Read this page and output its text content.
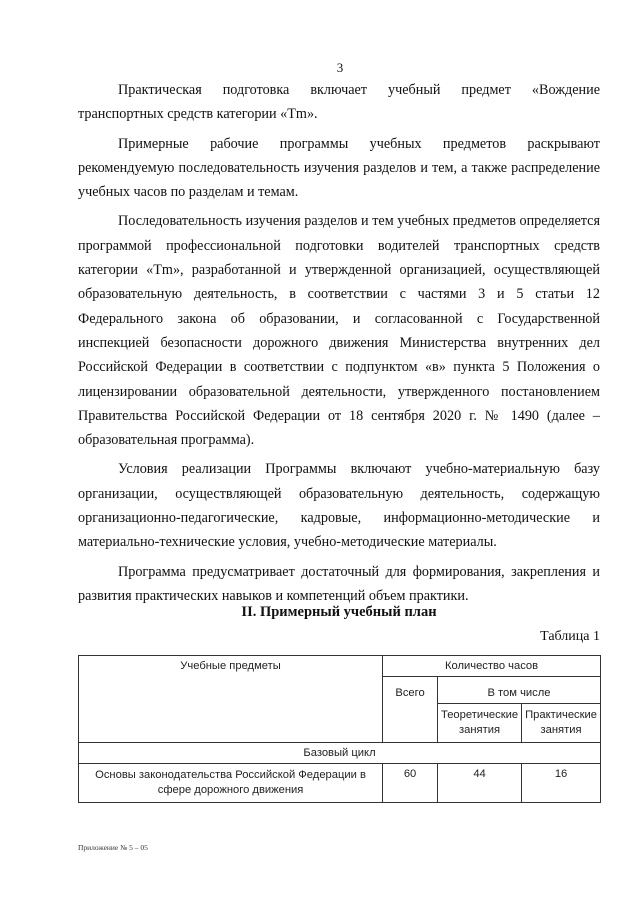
3

Практическая подготовка включает учебный предмет «Вождение транспортных средств категории «Tm».

Примерные рабочие программы учебных предметов раскрывают рекомендуемую последовательность изучения разделов и тем, а также распределение учебных часов по разделам и темам.

Последовательность изучения разделов и тем учебных предметов определяется программой профессиональной подготовки водителей транспортных средств категории «Tm», разработанной и утвержденной организацией, осуществляющей образовательную деятельность, в соответствии с частями 3 и 5 статьи 12 Федерального закона об образовании, и согласованной с Государственной инспекцией безопасности дорожного движения Министерства внутренних дел Российской Федерации в соответствии с подпунктом «в» пункта 5 Положения о лицензировании образовательной деятельности, утвержденного постановлением Правительства Российской Федерации от 18 сентября 2020 г. № 1490 (далее – образовательная программа).

Условия реализации Программы включают учебно-материальную базу организации, осуществляющей образовательную деятельность, содержащую организационно-педагогические, кадровые, информационно-методические и материально-технические условия, учебно-методические материалы.

Программа предусматривает достаточный для формирования, закрепления и развития практических навыков и компетенций объем практики.

II. Примерный учебный план
Таблица 1
Учебные предметы	Количество часов		
	Всего	В том числе	
		Теоретические занятия	Практические занятия
Базовый цикл			
Основы законодательства Российской Федерации в сфере дорожного движения	60	44	16
Приложение № 5 – 05
